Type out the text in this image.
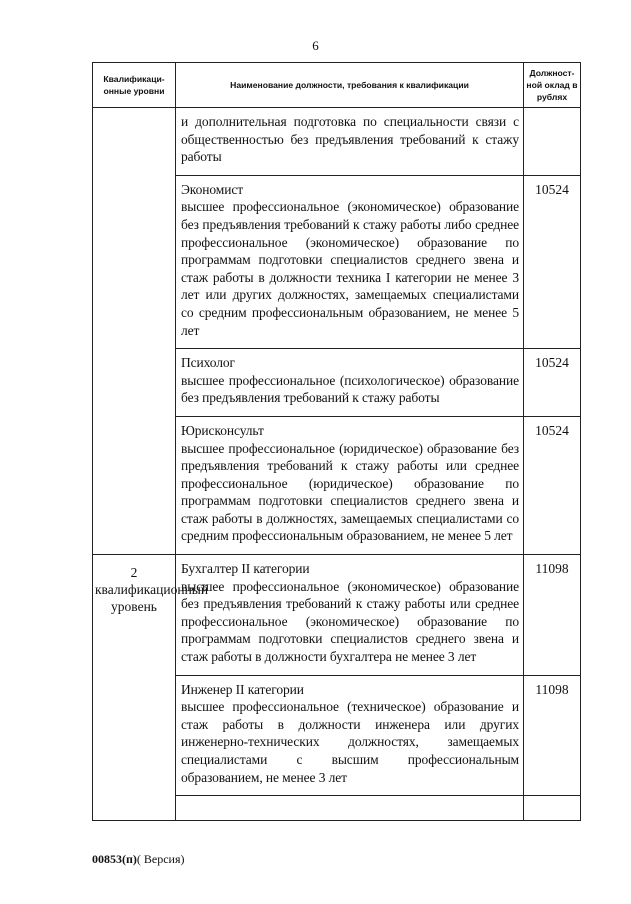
6
Квалификаци-онные уровни	Наименование должности, требования к квалификации	Должност-ной оклад в рублях

	и дополнительная подготовка по специальности связи с общественностью без предъявления требований к стажу работы	

	Экономист
высшее профессиональное (экономическое) образование без предъявления требований к стажу работы либо среднее профессиональное (экономическое) образование по программам подготовки специалистов среднего звена и стаж работы в должности техника I категории не менее 3 лет или других должностях, замещаемых специалистами со средним профессиональным образованием, не менее 5 лет	10524

	Психолог
высшее профессиональное (психологическое) образование без предъявления требований к стажу работы	10524

	Юрисконсульт
высшее профессиональное (юридическое) образование без предъявления требований к стажу работы или среднее профессиональное (юридическое) образование по программам подготовки специалистов среднего звена и стаж работы в должностях, замещаемых специалистами со средним профессиональным образованием, не менее 5 лет	10524
2 квалификационный уровень	Бухгалтер II категории
высшее профессиональное (экономическое) образование без предъявления требований к стажу работы или среднее профессиональное (экономическое) образование по программам подготовки специалистов среднего звена и стаж работы в должности бухгалтера не менее 3 лет	11098

	Инженер II категории
высшее профессиональное (техническое) образование и стаж работы в должности инженера или других инженерно-технических должностях, замещаемых специалистами с высшим профессиональным образованием, не менее 3 лет	11098

00853(п)( Версия)
